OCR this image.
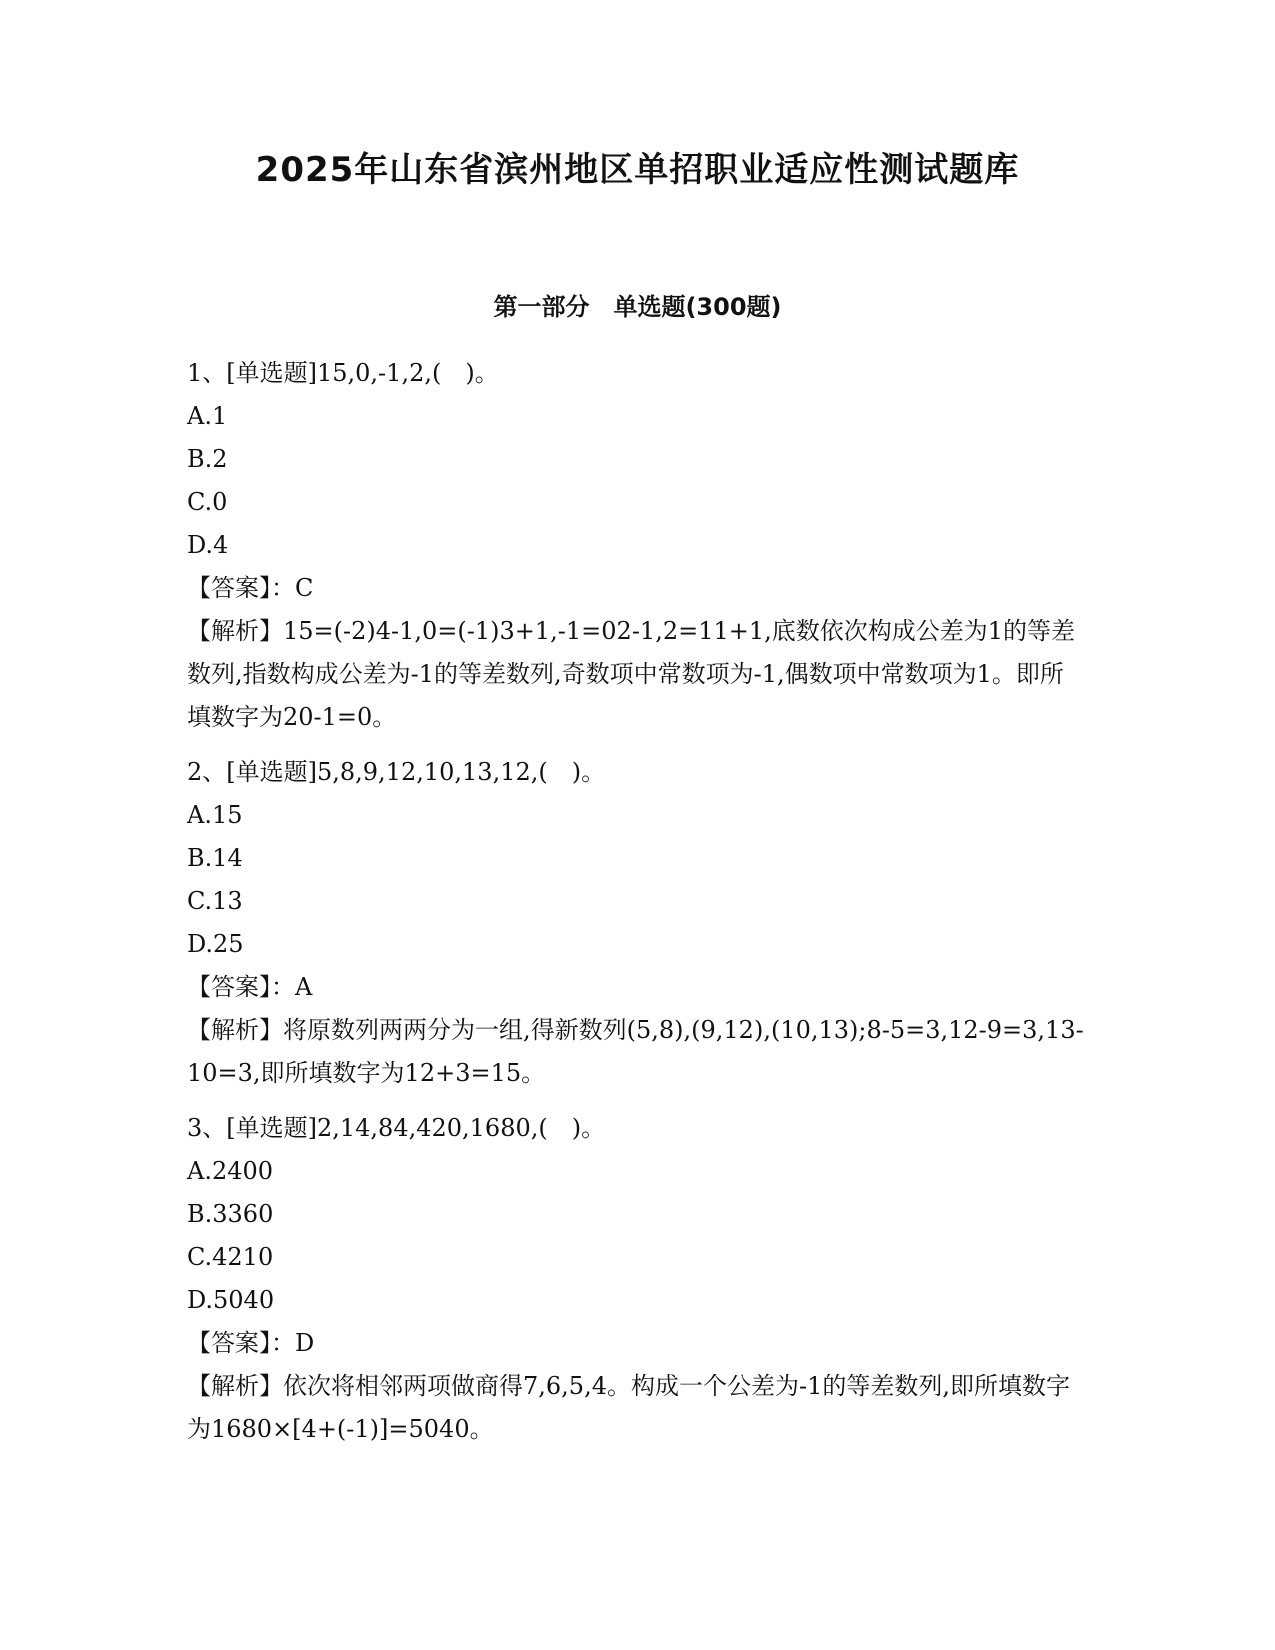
2025年山东省滨州地区单招职业适应性测试题库
第一部分　单选题(300题)
1、[单选题]15,0,-1,2,(　)。
A.1
B.2
C.0
D.4
【答案】：C
【解析】15=(-2)4-1,0=(-1)3+1,-1=02-1,2=11+1,底数依次构成公差为1的等差数列,指数构成公差为-1的等差数列,奇数项中常数项为-1,偶数项中常数项为1。即所填数字为20-1=0。
2、[单选题]5,8,9,12,10,13,12,(　)。
A.15
B.14
C.13
D.25
【答案】：A
【解析】将原数列两两分为一组,得新数列(5,8),(9,12),(10,13);8-5=3,12-9=3,13-10=3,即所填数字为12+3=15。
3、[单选题]2,14,84,420,1680,(　)。
A.2400
B.3360
C.4210
D.5040
【答案】：D
【解析】依次将相邻两项做商得7,6,5,4。构成一个公差为-1的等差数列,即所填数字为1680×[4+(-1)]=5040。
